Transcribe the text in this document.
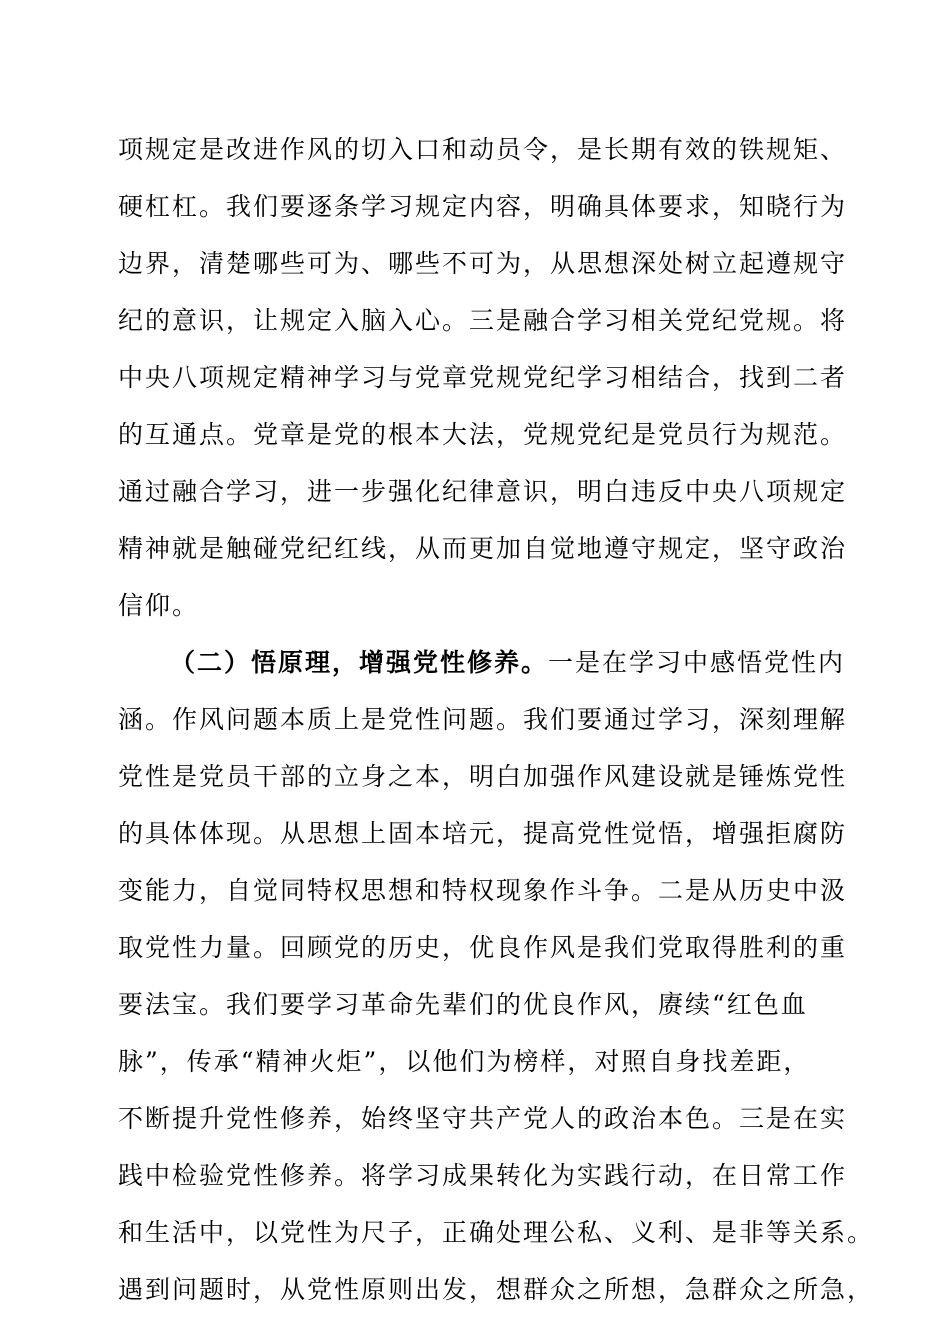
项规定是改进作风的切入口和动员令，是长期有效的铁规矩、
硬杠杠。我们要逐条学习规定内容，明确具体要求，知晓行为
边界，清楚哪些可为、哪些不可为，从思想深处树立起遵规守
纪的意识，让规定入脑入心。三是融合学习相关党纪党规。将
中央八项规定精神学习与党章党规党纪学习相结合，找到二者
的互通点。党章是党的根本大法，党规党纪是党员行为规范。
通过融合学习，进一步强化纪律意识，明白违反中央八项规定
精神就是触碰党纪红线，从而更加自觉地遵守规定，坚守政治
信仰。
（二）悟原理，增强党性修养。一是在学习中感悟党性内
涵。作风问题本质上是党性问题。我们要通过学习，深刻理解
党性是党员干部的立身之本，明白加强作风建设就是锤炼党性
的具体体现。从思想上固本培元，提高党性觉悟，增强拒腐防
变能力，自觉同特权思想和特权现象作斗争。二是从历史中汲
取党性力量。回顾党的历史，优良作风是我们党取得胜利的重
要法宝。我们要学习革命先辈们的优良作风，赓续“红色血
脉”，传承“精神火炬”，以他们为榜样，对照自身找差距，
不断提升党性修养，始终坚守共产党人的政治本色。三是在实
践中检验党性修养。将学习成果转化为实践行动，在日常工作
和生活中，以党性为尺子，正确处理公私、义利、是非等关系。
遇到问题时，从党性原则出发，想群众之所想，急群众之所急，
